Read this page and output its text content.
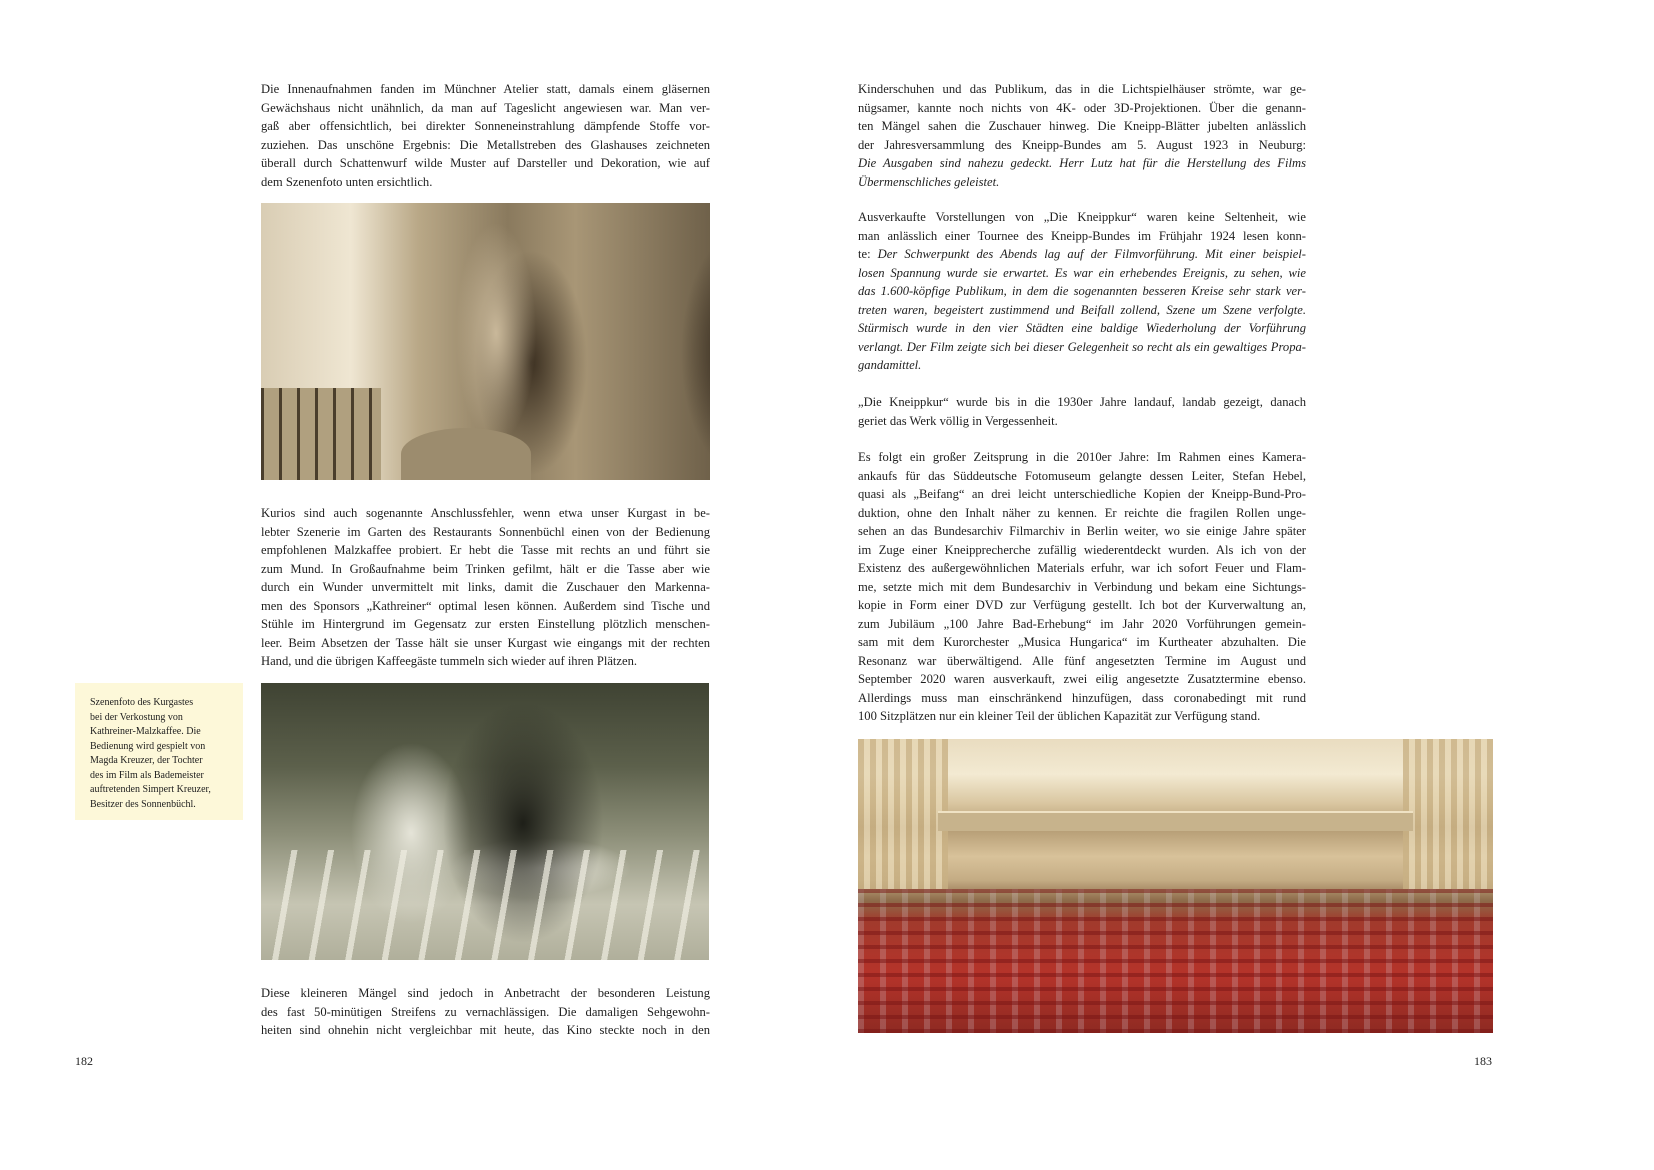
Die Innenaufnahmen fanden im Münchner Atelier statt, damals einem gläsernen
Gewächshaus nicht unähnlich, da man auf Tageslicht angewiesen war. Man ver-
gaß aber offensichtlich, bei direkter Sonneneinstrahlung dämpfende Stoffe vor-
zuziehen. Das unschöne Ergebnis: Die Metallstreben des Glashauses zeichneten
überall durch Schattenwurf wilde Muster auf Darsteller und Dekoration, wie auf
dem Szenenfoto unten ersichtlich.
Kurios sind auch sogenannte Anschlussfehler, wenn etwa unser Kurgast in be-
lebter Szenerie im Garten des Restaurants Sonnenbüchl einen von der Bedienung
empfohlenen Malzkaffee probiert. Er hebt die Tasse mit rechts an und führt sie
zum Mund. In Großaufnahme beim Trinken gefilmt, hält er die Tasse aber wie
durch ein Wunder unvermittelt mit links, damit die Zuschauer den Markenna-
men des Sponsors „Kathreiner“ optimal lesen können. Außerdem sind Tische und
Stühle im Hintergrund im Gegensatz zur ersten Einstellung plötzlich menschen-
leer. Beim Absetzen der Tasse hält sie unser Kurgast wie eingangs mit der rechten
Hand, und die übrigen Kaffeegäste tummeln sich wieder auf ihren Plätzen.
Diese kleineren Mängel sind jedoch in Anbetracht der besonderen Leistung
des fast 50-minütigen Streifens zu vernachlässigen. Die damaligen Sehgewohn-
heiten sind ohnehin nicht vergleichbar mit heute, das Kino steckte noch in den
Szenenfoto des Kurgastes
bei der Verkostung von
Kathreiner-Malzkaffee. Die
Bedienung wird gespielt von
Magda Kreuzer, der Tochter
des im Film als Bademeister
auftretenden Simpert Kreuzer,
Besitzer des Sonnenbüchl.
Kinderschuhen und das Publikum, das in die Lichtspielhäuser strömte, war ge-
nügsamer, kannte noch nichts von 4K- oder 3D-Projektionen. Über die genann-
ten Mängel sahen die Zuschauer hinweg. Die Kneipp-Blätter jubelten anlässlich
der Jahresversammlung des Kneipp-Bundes am 5. August 1923 in Neuburg:
Die Ausgaben sind nahezu gedeckt. Herr Lutz hat für die Herstellung des Films
Übermenschliches geleistet.
Ausverkaufte Vorstellungen von „Die Kneippkur“ waren keine Seltenheit, wie
man anlässlich einer Tournee des Kneipp-Bundes im Frühjahr 1924 lesen konn-
te: Der Schwerpunkt des Abends lag auf der Filmvorführung. Mit einer beispiel-
losen Spannung wurde sie erwartet. Es war ein erhebendes Ereignis, zu sehen, wie
das 1.600-köpfige Publikum, in dem die sogenannten besseren Kreise sehr stark ver-
treten waren, begeistert zustimmend und Beifall zollend, Szene um Szene verfolgte.
Stürmisch wurde in den vier Städten eine baldige Wiederholung der Vorführung
verlangt. Der Film zeigte sich bei dieser Gelegenheit so recht als ein gewaltiges Propa-
gandamittel.
„Die Kneippkur“ wurde bis in die 1930er Jahre landauf, landab gezeigt, danach
geriet das Werk völlig in Vergessenheit.
Es folgt ein großer Zeitsprung in die 2010er Jahre: Im Rahmen eines Kamera-
ankaufs für das Süddeutsche Fotomuseum gelangte dessen Leiter, Stefan Hebel,
quasi als „Beifang“ an drei leicht unterschiedliche Kopien der Kneipp-Bund-Pro-
duktion, ohne den Inhalt näher zu kennen. Er reichte die fragilen Rollen unge-
sehen an das Bundesarchiv Filmarchiv in Berlin weiter, wo sie einige Jahre später
im Zuge einer Kneipprecherche zufällig wiederentdeckt wurden. Als ich von der
Existenz des außergewöhnlichen Materials erfuhr, war ich sofort Feuer und Flam-
me, setzte mich mit dem Bundesarchiv in Verbindung und bekam eine Sichtungs-
kopie in Form einer DVD zur Verfügung gestellt. Ich bot der Kurverwaltung an,
zum Jubiläum „100 Jahre Bad-Erhebung“ im Jahr 2020 Vorführungen gemein-
sam mit dem Kurorchester „Musica Hungarica“ im Kurtheater abzuhalten. Die
Resonanz war überwältigend. Alle fünf angesetzten Termine im August und
September 2020 waren ausverkauft, zwei eilig angesetzte Zusatztermine ebenso.
Allerdings muss man einschränkend hinzufügen, dass coronabedingt mit rund
100 Sitzplätzen nur ein kleiner Teil der üblichen Kapazität zur Verfügung stand.
182	183
